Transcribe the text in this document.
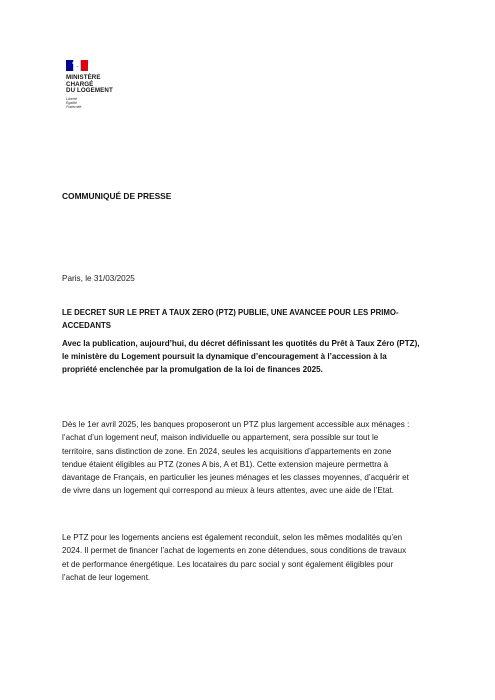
MINISTÈRE
CHARGÉ
DU LOGEMENT
Liberté
Égalité
Fraternité
COMMUNIQUÉ DE PRESSE
Paris, le 31/03/2025
LE DECRET SUR LE PRET A TAUX ZERO (PTZ) PUBLIE, UNE AVANCEE POUR LES PRIMO-
ACCEDANTS
Avec la publication, aujourd’hui, du décret définissant les quotités du Prêt à Taux Zéro (PTZ),
le ministère du Logement poursuit la dynamique d’encouragement à l’accession à la
propriété enclenchée par la promulgation de la loi de finances 2025.
Dès le 1er avril 2025, les banques proposeront un PTZ plus largement accessible aux ménages :
l’achat d’un logement neuf, maison individuelle ou appartement, sera possible sur tout le
territoire, sans distinction de zone. En 2024, seules les acquisitions d’appartements en zone
tendue étaient éligibles au PTZ (zones A bis, A et B1). Cette extension majeure permettra à
davantage de Français, en particulier les jeunes ménages et les classes moyennes, d’acquérir et
de vivre dans un logement qui correspond au mieux à leurs attentes, avec une aide de l’Etat.
Le PTZ pour les logements anciens est également reconduit, selon les mêmes modalités qu’en
2024. Il permet de financer l’achat de logements en zone détendues, sous conditions de travaux
et de performance énergétique. Les locataires du parc social y sont également éligibles pour
l’achat de leur logement.
